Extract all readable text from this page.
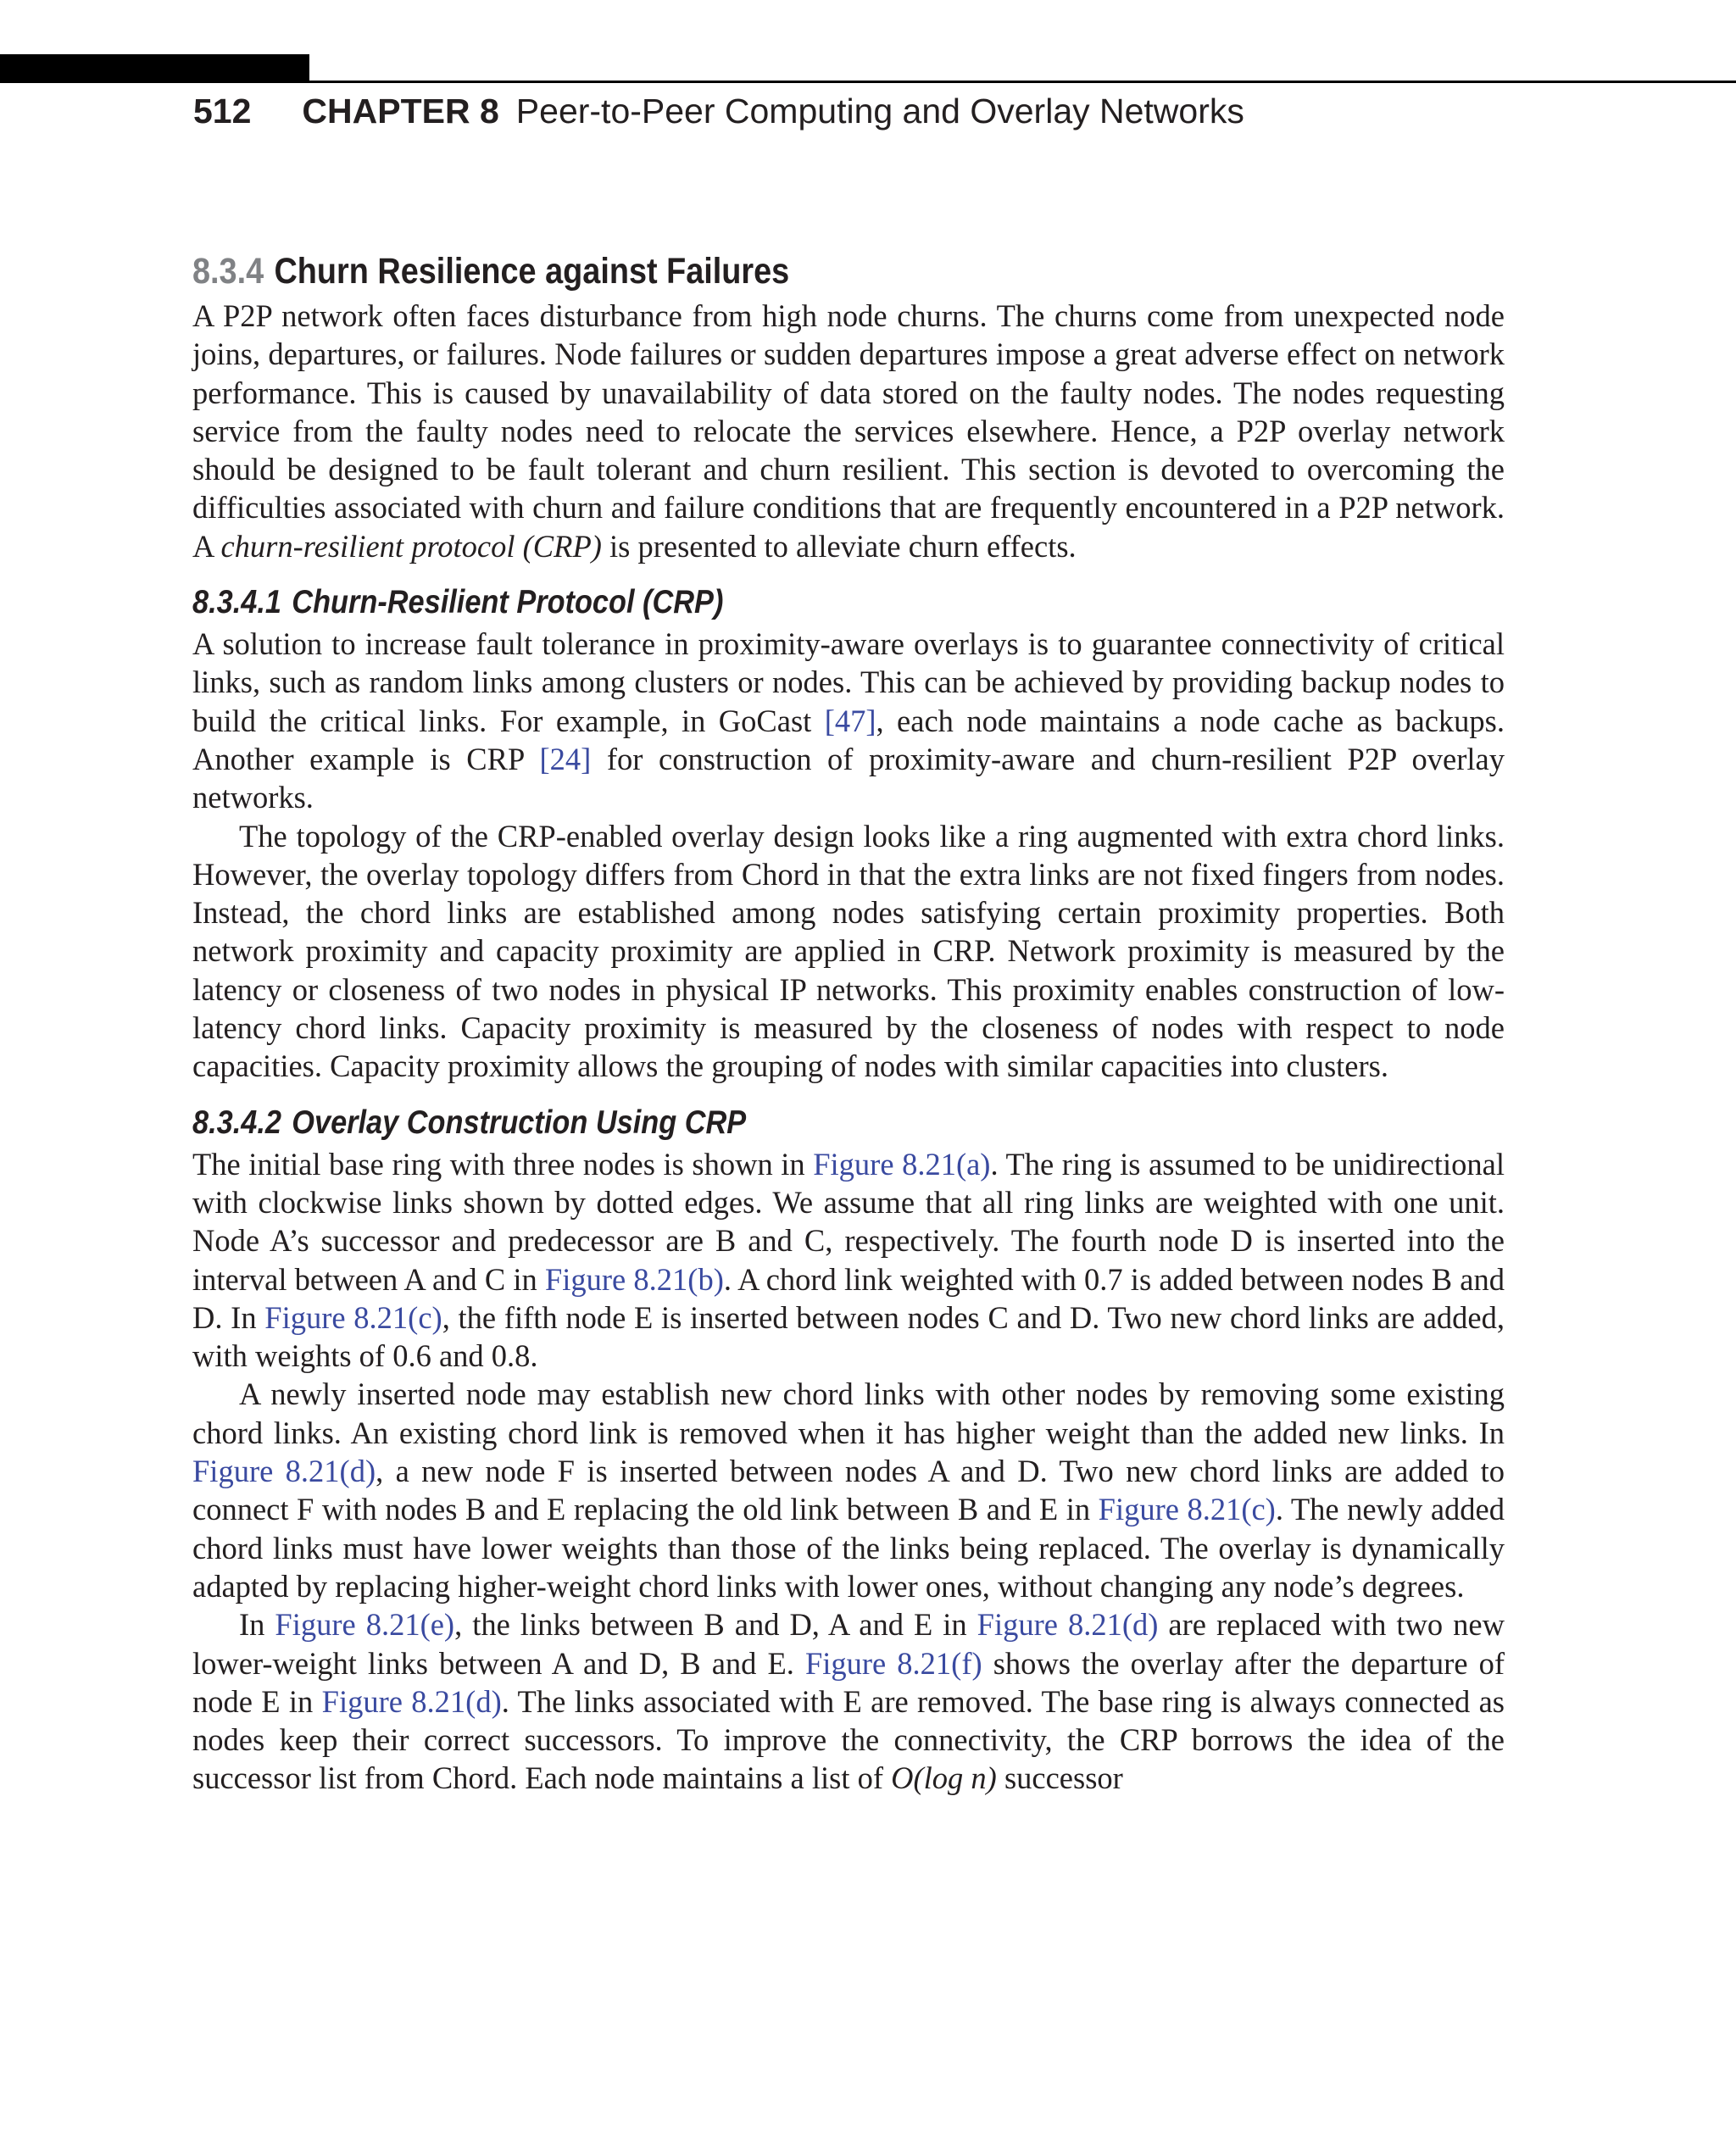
512 CHAPTER 8 Peer-to-Peer Computing and Overlay Networks
8.3.4 Churn Resilience against Failures

A P2P network often faces disturbance from high node churns. The churns come from unexpected node joins, departures, or failures. Node failures or sudden departures impose a great adverse effect on network performance. This is caused by unavailability of data stored on the faulty nodes. The nodes requesting service from the faulty nodes need to relocate the services elsewhere. Hence, a P2P overlay network should be designed to be fault tolerant and churn resilient. This section is devoted to overcoming the difficulties associated with churn and failure conditions that are frequently encountered in a P2P network. A churn-resilient protocol (CRP) is presented to alleviate churn effects.

8.3.4.1 Churn-Resilient Protocol (CRP)

A solution to increase fault tolerance in proximity-aware overlays is to guarantee connectivity of critical links, such as random links among clusters or nodes. This can be achieved by providing backup nodes to build the critical links. For example, in GoCast [47], each node maintains a node cache as backups. Another example is CRP [24] for construction of proximity-aware and churn-resilient P2P overlay networks.

The topology of the CRP-enabled overlay design looks like a ring augmented with extra chord links. However, the overlay topology differs from Chord in that the extra links are not fixed fingers from nodes. Instead, the chord links are established among nodes satisfying certain proximity properties. Both network proximity and capacity proximity are applied in CRP. Network proximity is measured by the latency or closeness of two nodes in physical IP networks. This proximity enables construction of low-latency chord links. Capacity proximity is measured by the closeness of nodes with respect to node capacities. Capacity proximity allows the grouping of nodes with similar capacities into clusters.

8.3.4.2 Overlay Construction Using CRP

The initial base ring with three nodes is shown in Figure 8.21(a). The ring is assumed to be unidirectional with clockwise links shown by dotted edges. We assume that all ring links are weighted with one unit. Node A’s successor and predecessor are B and C, respectively. The fourth node D is inserted into the interval between A and C in Figure 8.21(b). A chord link weighted with 0.7 is added between nodes B and D. In Figure 8.21(c), the fifth node E is inserted between nodes C and D. Two new chord links are added, with weights of 0.6 and 0.8.

A newly inserted node may establish new chord links with other nodes by removing some existing chord links. An existing chord link is removed when it has higher weight than the added new links. In Figure 8.21(d), a new node F is inserted between nodes A and D. Two new chord links are added to connect F with nodes B and E replacing the old link between B and E in Figure 8.21(c). The newly added chord links must have lower weights than those of the links being replaced. The overlay is dynamically adapted by replacing higher-weight chord links with lower ones, without changing any node’s degrees.

In Figure 8.21(e), the links between B and D, A and E in Figure 8.21(d) are replaced with two new lower-weight links between A and D, B and E. Figure 8.21(f) shows the overlay after the departure of node E in Figure 8.21(d). The links associated with E are removed. The base ring is always connected as nodes keep their correct successors. To improve the connectivity, the CRP borrows the idea of the successor list from Chord. Each node maintains a list of O(log n) successor
